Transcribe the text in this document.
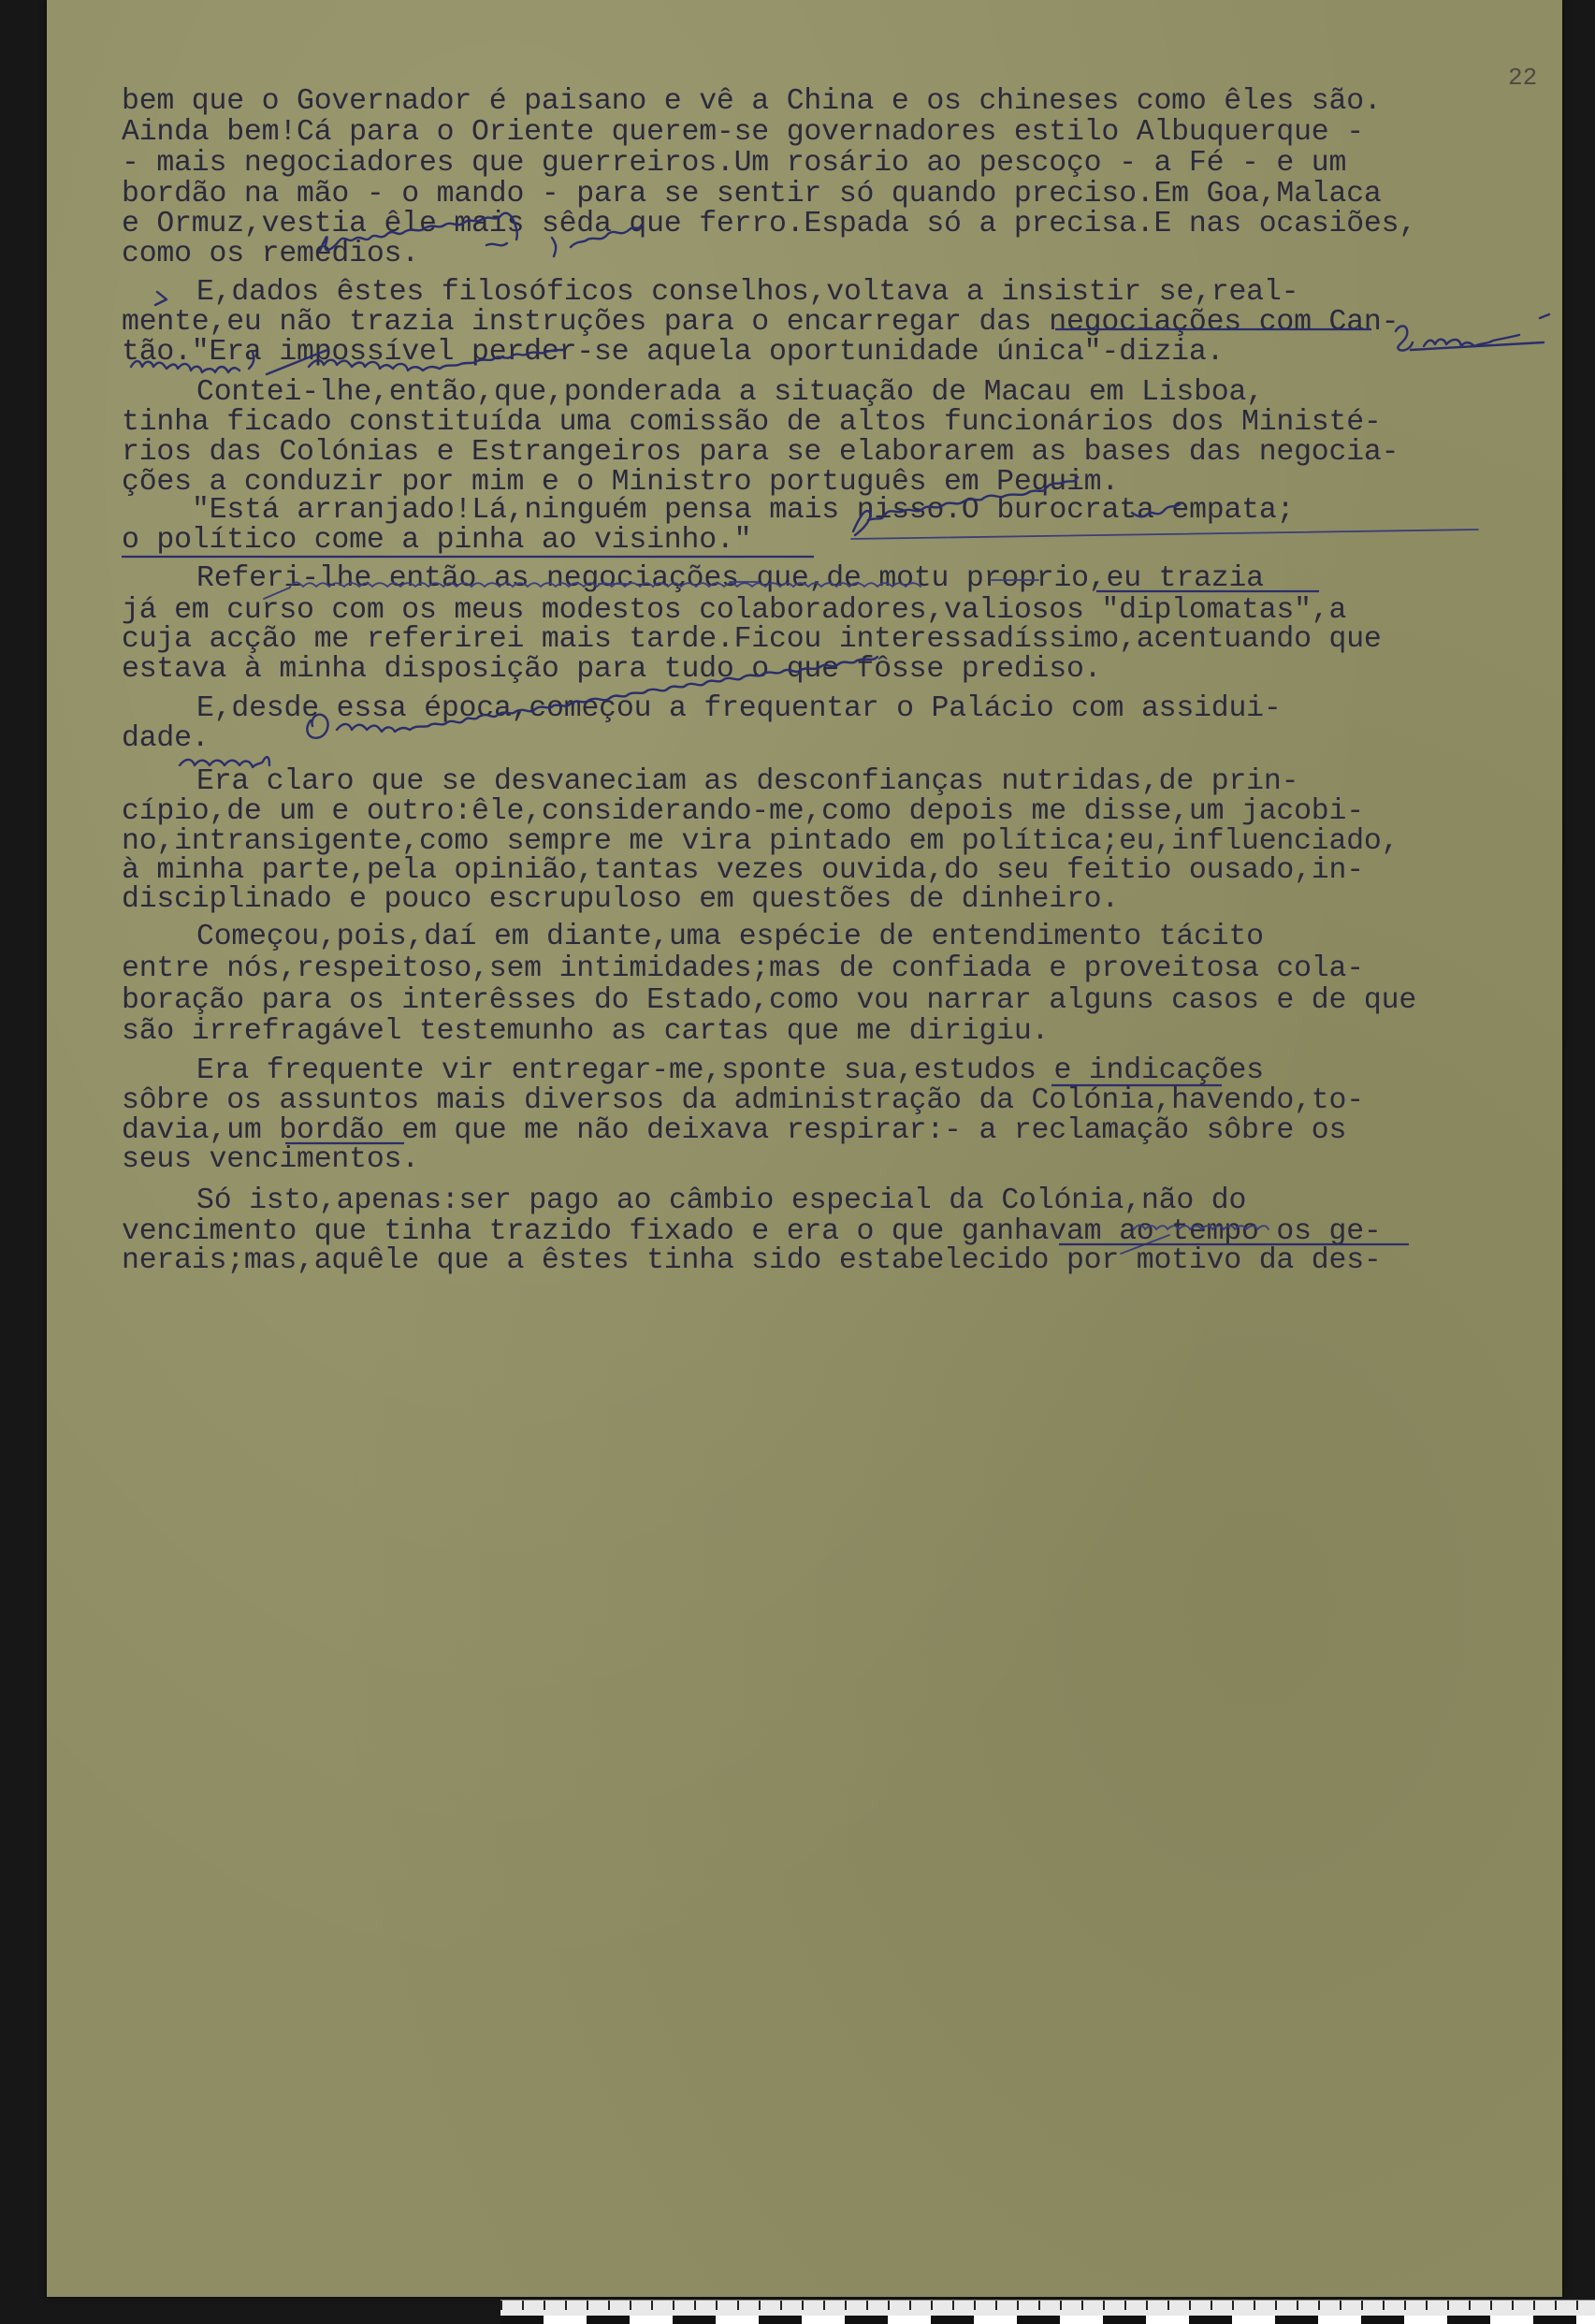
22
bem que o Governador é paisano e vê a China e os chineses como êles são.
Ainda bem!Cá para o Oriente querem-se governadores estilo Albuquerque -
- mais negociadores que guerreiros.Um rosário ao pescoço - a Fé - e um
bordão na mão - o mando - para se sentir só quando preciso.Em Goa,Malaca
e Ormuz,vestia êle mais sêda que ferro.Espada só a precisa.E nas ocasiões,
como os remédios.
E,dados êstes filosóficos conselhos,voltava a insistir se,real-
mente,eu não trazia instruções para o encarregar das negociações com Can-
tão."Era impossível perder-se aquela oportunidade única"-dizia.
Contei-lhe,então,que,ponderada a situação de Macau em Lisboa,
tinha ficado constituída uma comissão de altos funcionários dos Ministé-
rios das Colónias e Estrangeiros para se elaborarem as bases das negocia-
ções a conduzir por mim e o Ministro português em Pequim.
"Está arranjado!Lá,ninguém pensa mais nisso.O burocrata empata;
o político come a pinha ao visinho."
Referi-lhe então as negociações que,de motu proprio,eu trazia
já em curso com os meus modestos colaboradores,valiosos "diplomatas",a
cuja acção me referirei mais tarde.Ficou interessadíssimo,acentuando que
estava à minha disposição para tudo o que fôsse prediso.
E,desde essa época,começou a frequentar o Palácio com assidui-
dade.
Era claro que se desvaneciam as desconfianças nutridas,de prin-
cípio,de um e outro:êle,considerando-me,como depois me disse,um jacobi-
no,intransigente,como sempre me vira pintado em política;eu,influenciado,
à minha parte,pela opinião,tantas vezes ouvida,do seu feitio ousado,in-
disciplinado e pouco escrupuloso em questões de dinheiro.
Começou,pois,daí em diante,uma espécie de entendimento tácito
entre nós,respeitoso,sem intimidades;mas de confiada e proveitosa cola-
boração para os interêsses do Estado,como vou narrar alguns casos e de que
são irrefragável testemunho as cartas que me dirigiu.
Era frequente vir entregar-me,sponte sua,estudos e indicações
sôbre os assuntos mais diversos da administração da Colónia,havendo,to-
davia,um bordão em que me não deixava respirar:- a reclamação sôbre os
seus vencimentos.
Só isto,apenas:ser pago ao câmbio especial da Colónia,não do
vencimento que tinha trazido fixado e era o que ganhavam ao tempo os ge-
nerais;mas,aquêle que a êstes tinha sido estabelecido por motivo da des-
